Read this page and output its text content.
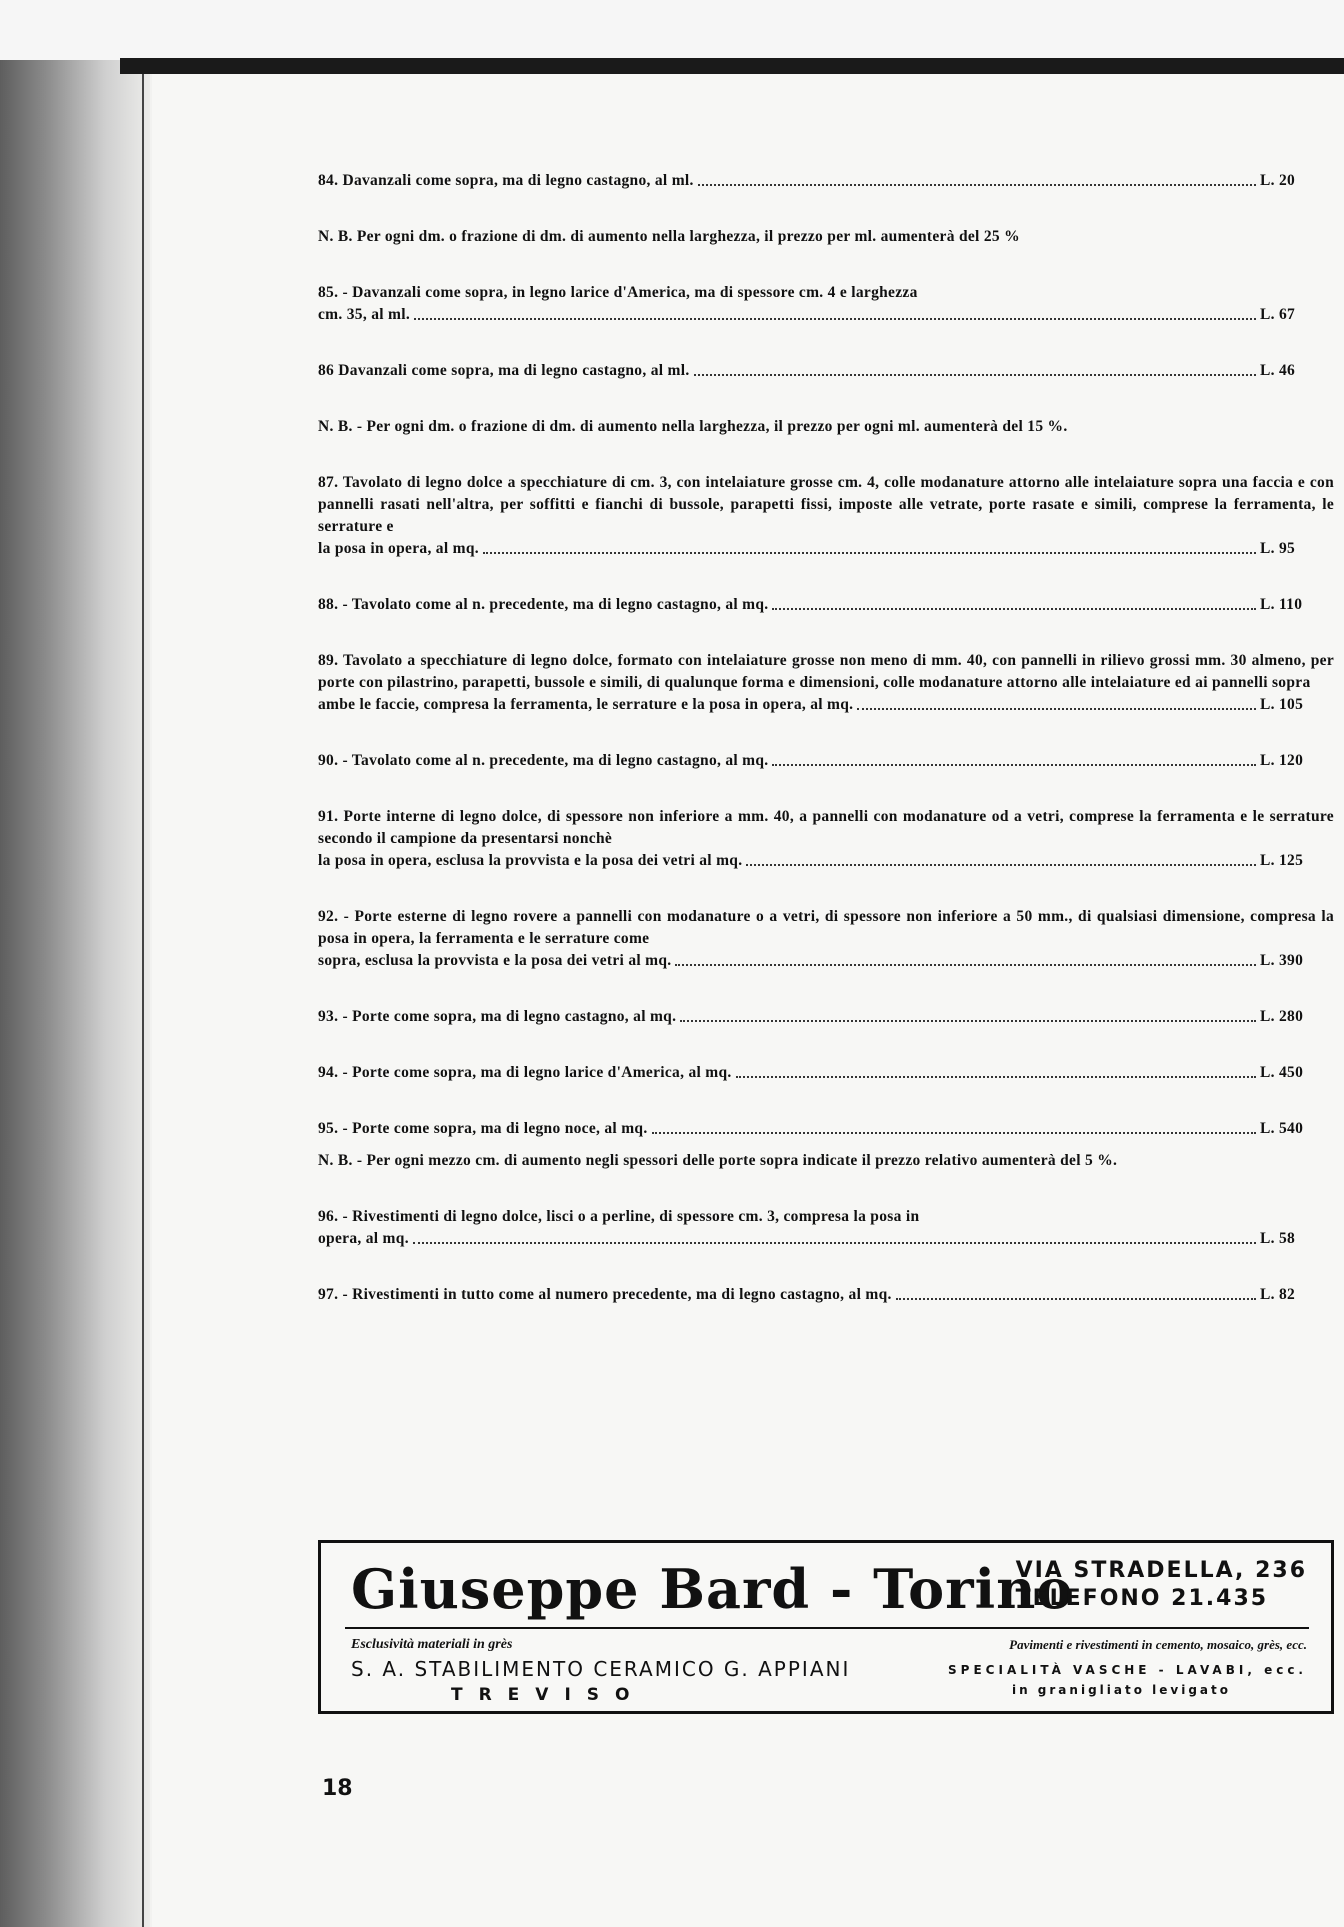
84. Davanzali come sopra, ma di legno castagno, al ml.	L. 20
N. B. Per ogni dm. o frazione di dm. di aumento nella larghezza, il prezzo per ml. aumenterà del 25 %
85. - Davanzali come sopra, in legno larice d'America, ma di spessore cm. 4 e larghezza
cm. 35, al ml.	L. 67
86 Davanzali come sopra, ma di legno castagno, al ml.	L. 46
N. B. - Per ogni dm. o frazione di dm. di aumento nella larghezza, il prezzo per ogni ml. aumenterà del 15 %.
87. Tavolato di legno dolce a specchiature di cm. 3, con intelaiature grosse cm. 4, colle modanature attorno alle intelaiature sopra una faccia e con pannelli rasati nell'altra, per soffitti e fianchi di bussole, parapetti fissi, imposte alle vetrate, porte rasate e simili, comprese la ferramenta, le serrature e
la posa in opera, al mq.	L. 95
88. - Tavolato come al n. precedente, ma di legno castagno, al mq.	L. 110
89. Tavolato a specchiature di legno dolce, formato con intelaiature grosse non meno di mm. 40, con pannelli in rilievo grossi mm. 30 almeno, per porte con pilastrino, parapetti, bussole e simili, di qualunque forma e dimensioni, colle modanature attorno alle intelaiature ed ai pannelli sopra
ambe le faccie, compresa la ferramenta, le serrature e la posa in opera, al mq.	L. 105
90. - Tavolato come al n. precedente, ma di legno castagno, al mq.	L. 120
91. Porte interne di legno dolce, di spessore non inferiore a mm. 40, a pannelli con modanature od a vetri, comprese la ferramenta e le serrature secondo il campione da presentarsi nonchè
la posa in opera, esclusa la provvista e la posa dei vetri al mq.	L. 125
92. - Porte esterne di legno rovere a pannelli con modanature o a vetri, di spessore non inferiore a 50 mm., di qualsiasi dimensione, compresa la posa in opera, la ferramenta e le serrature come
sopra, esclusa la provvista e la posa dei vetri al mq.	L. 390
93. - Porte come sopra, ma di legno castagno, al mq.	L. 280
94. - Porte come sopra, ma di legno larice d'America, al mq.	L. 450
95. - Porte come sopra, ma di legno noce, al mq.	L. 540
N. B. - Per ogni mezzo cm. di aumento negli spessori delle porte sopra indicate il prezzo relativo aumenterà del 5 %.
96. - Rivestimenti di legno dolce, lisci o a perline, di spessore cm. 3, compresa la posa in
opera, al mq.	L. 58
97. - Rivestimenti in tutto come al numero precedente, ma di legno castagno, al mq.	L. 82
Giuseppe Bard - Torino
VIA STRADELLA, 236
TELEFONO 21.435
Esclusività materiali in grès
S. A. STABILIMENTO CERAMICO G. APPIANI
TREVISO
Pavimenti e rivestimenti in cemento, mosaico, grès, ecc.
SPECIALITÀ VASCHE - LAVABI, ecc.
in granigliato levigato
18
